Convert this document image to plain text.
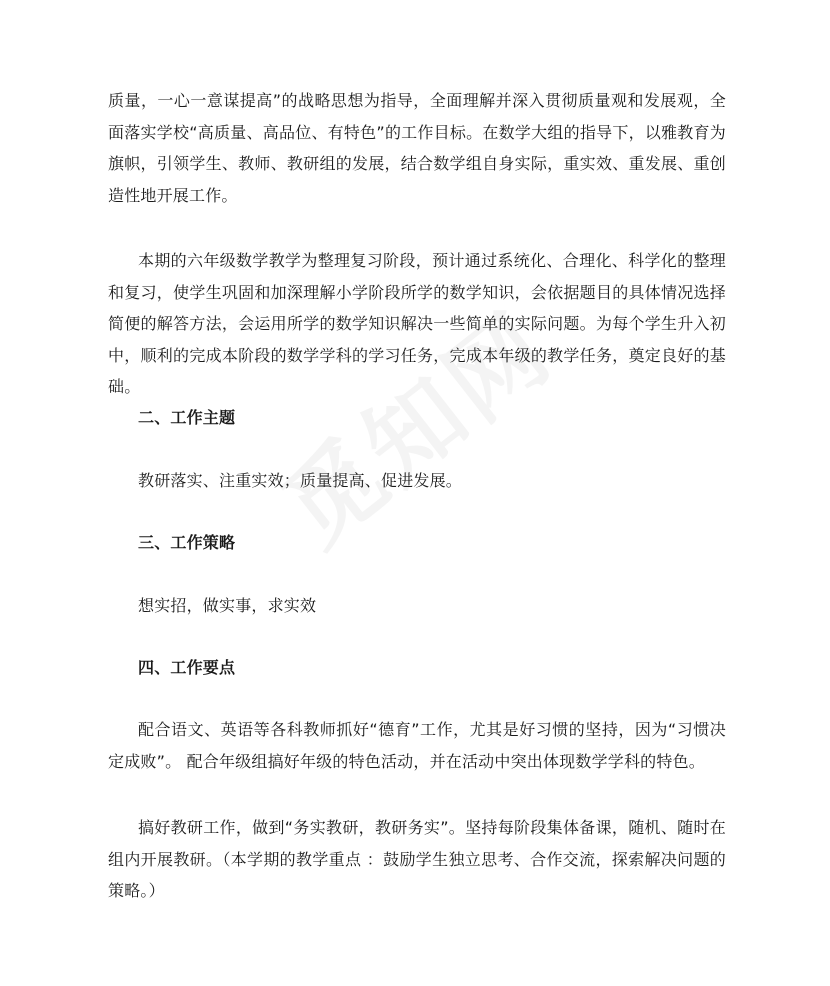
质量，一心一意谋提高”的战略思想为指导，全面理解并深入贯彻质量观和发展观，全面落实学校“高质量、高品位、有特色”的工作目标。在数学大组的指导下，以雅教育为旗帜，引领学生、教师、教研组的发展，结合数学组自身实际，重实效、重发展、重创造性地开展工作。

本期的六年级数学教学为整理复习阶段，预计通过系统化、合理化、科学化的整理和复习，使学生巩固和加深理解小学阶段所学的数学知识，会依据题目的具体情况选择简便的解答方法，会运用所学的数学知识解决一些简单的实际问题。为每个学生升入初中，顺利的完成本阶段的数学学科的学习任务，完成本年级的教学任务，奠定良好的基础。

二、工作主题

教研落实、注重实效；质量提高、促进发展。

三、工作策略

想实招，做实事，求实效

四、工作要点

配合语文、英语等各科教师抓好“德育”工作，尤其是好习惯的坚持，因为“习惯决定成败”。 配合年级组搞好年级的特色活动，并在活动中突出体现数学学科的特色。

搞好教研工作，做到“务实教研，教研务实”。坚持每阶段集体备课，随机、随时在组内开展教研。（本学期的教学重点 ：鼓励学生独立思考、合作交流，探索解决问题的策略。）
